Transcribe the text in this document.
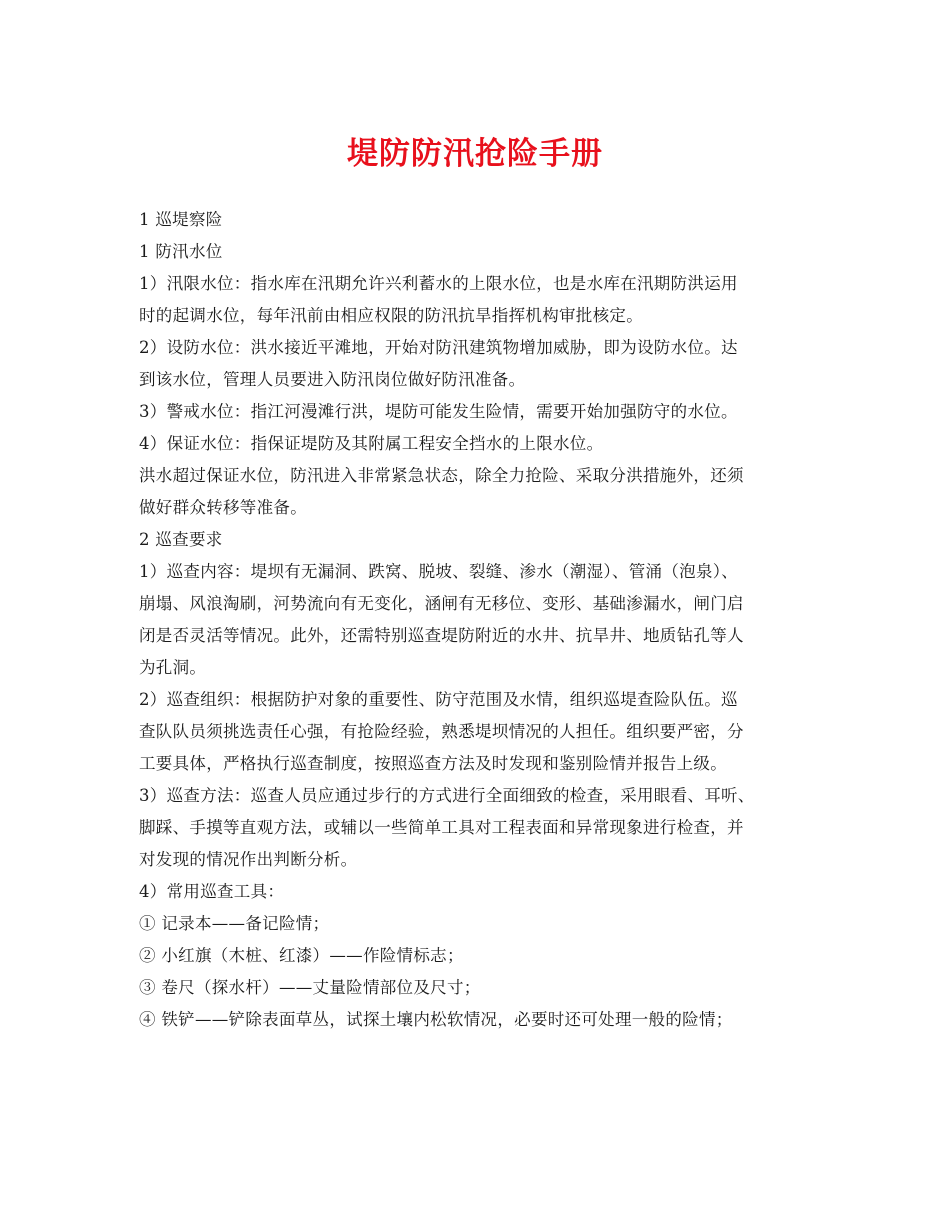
堤防防汛抢险手册
1 巡堤察险
1 防汛水位
1）汛限水位：指水库在汛期允许兴利蓄水的上限水位，也是水库在汛期防洪运用
时的起调水位，每年汛前由相应权限的防汛抗旱指挥机构审批核定。
2）设防水位：洪水接近平滩地，开始对防汛建筑物增加威胁，即为设防水位。达
到该水位，管理人员要进入防汛岗位做好防汛准备。
3）警戒水位：指江河漫滩行洪，堤防可能发生险情，需要开始加强防守的水位。
4）保证水位：指保证堤防及其附属工程安全挡水的上限水位。
洪水超过保证水位，防汛进入非常紧急状态，除全力抢险、采取分洪措施外，还须
做好群众转移等准备。
2 巡查要求
1）巡查内容：堤坝有无漏洞、跌窝、脱坡、裂缝、渗水（潮湿）、管涌（泡泉）、
崩塌、风浪淘刷，河势流向有无变化，涵闸有无移位、变形、基础渗漏水，闸门启
闭是否灵活等情况。此外，还需特别巡查堤防附近的水井、抗旱井、地质钻孔等人
为孔洞。
2）巡查组织：根据防护对象的重要性、防守范围及水情，组织巡堤查险队伍。巡
查队队员须挑选责任心强，有抢险经验，熟悉堤坝情况的人担任。组织要严密，分
工要具体，严格执行巡查制度，按照巡查方法及时发现和鉴别险情并报告上级。
3）巡查方法：巡查人员应通过步行的方式进行全面细致的检查，采用眼看、耳听、
脚踩、手摸等直观方法，或辅以一些简单工具对工程表面和异常现象进行检查，并
对发现的情况作出判断分析。
4）常用巡查工具：
① 记录本——备记险情；
② 小红旗（木桩、红漆）——作险情标志；
③ 卷尺（探水杆）——丈量险情部位及尺寸；
④ 铁铲——铲除表面草丛，试探土壤内松软情况，必要时还可处理一般的险情；
